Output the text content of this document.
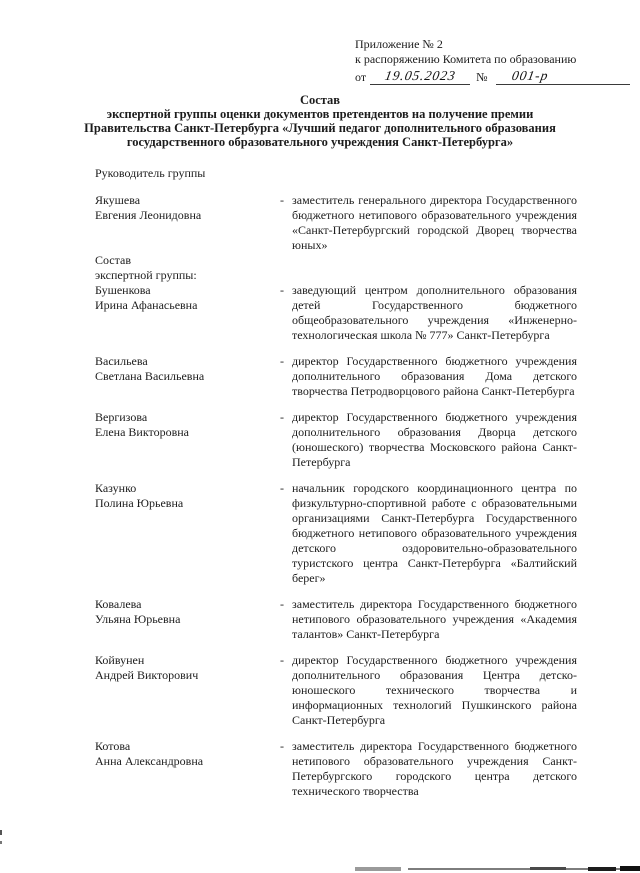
Приложение № 2
к распоряжению Комитета по образованию
от 19.05.2023 № 001-р
Состав
экспертной группы оценки документов претендентов на получение премии
Правительства Санкт-Петербурга «Лучший педагог дополнительного образования
государственного образовательного учреждения Санкт-Петербурга»
Руководитель группы
Якушева
Евгения Леонидовна
- заместитель генерального директора Государственного бюджетного нетипового образовательного учреждения «Санкт-Петербургский городской Дворец творчества юных»
Состав
экспертной группы:
Бушенкова
Ирина Афанасьевна
- заведующий центром дополнительного образования детей Государственного бюджетного общеобразовательного учреждения «Инженерно-технологическая школа № 777» Санкт-Петербурга
Васильева
Светлана Васильевна
- директор Государственного бюджетного учреждения дополнительного образования Дома детского творчества Петродворцового района Санкт-Петербурга
Вергизова
Елена Викторовна
- директор Государственного бюджетного учреждения дополнительного образования Дворца детского (юношеского) творчества Московского района Санкт-Петербурга
Казунко
Полина Юрьевна
- начальник городского координационного центра по физкультурно-спортивной работе с образовательными организациями Санкт-Петербурга Государственного бюджетного нетипового образовательного учреждения детского оздоровительно-образовательного туристского центра Санкт-Петербурга «Балтийский берег»
Ковалева
Ульяна Юрьевна
- заместитель директора Государственного бюджетного нетипового образовательного учреждения «Академия талантов» Санкт-Петербурга
Койвунен
Андрей Викторович
- директор Государственного бюджетного учреждения дополнительного образования Центра детско-юношеского технического творчества и информационных технологий Пушкинского района Санкт-Петербурга
Котова
Анна Александровна
- заместитель директора Государственного бюджетного нетипового образовательного учреждения Санкт-Петербургского городского центра детского технического творчества
